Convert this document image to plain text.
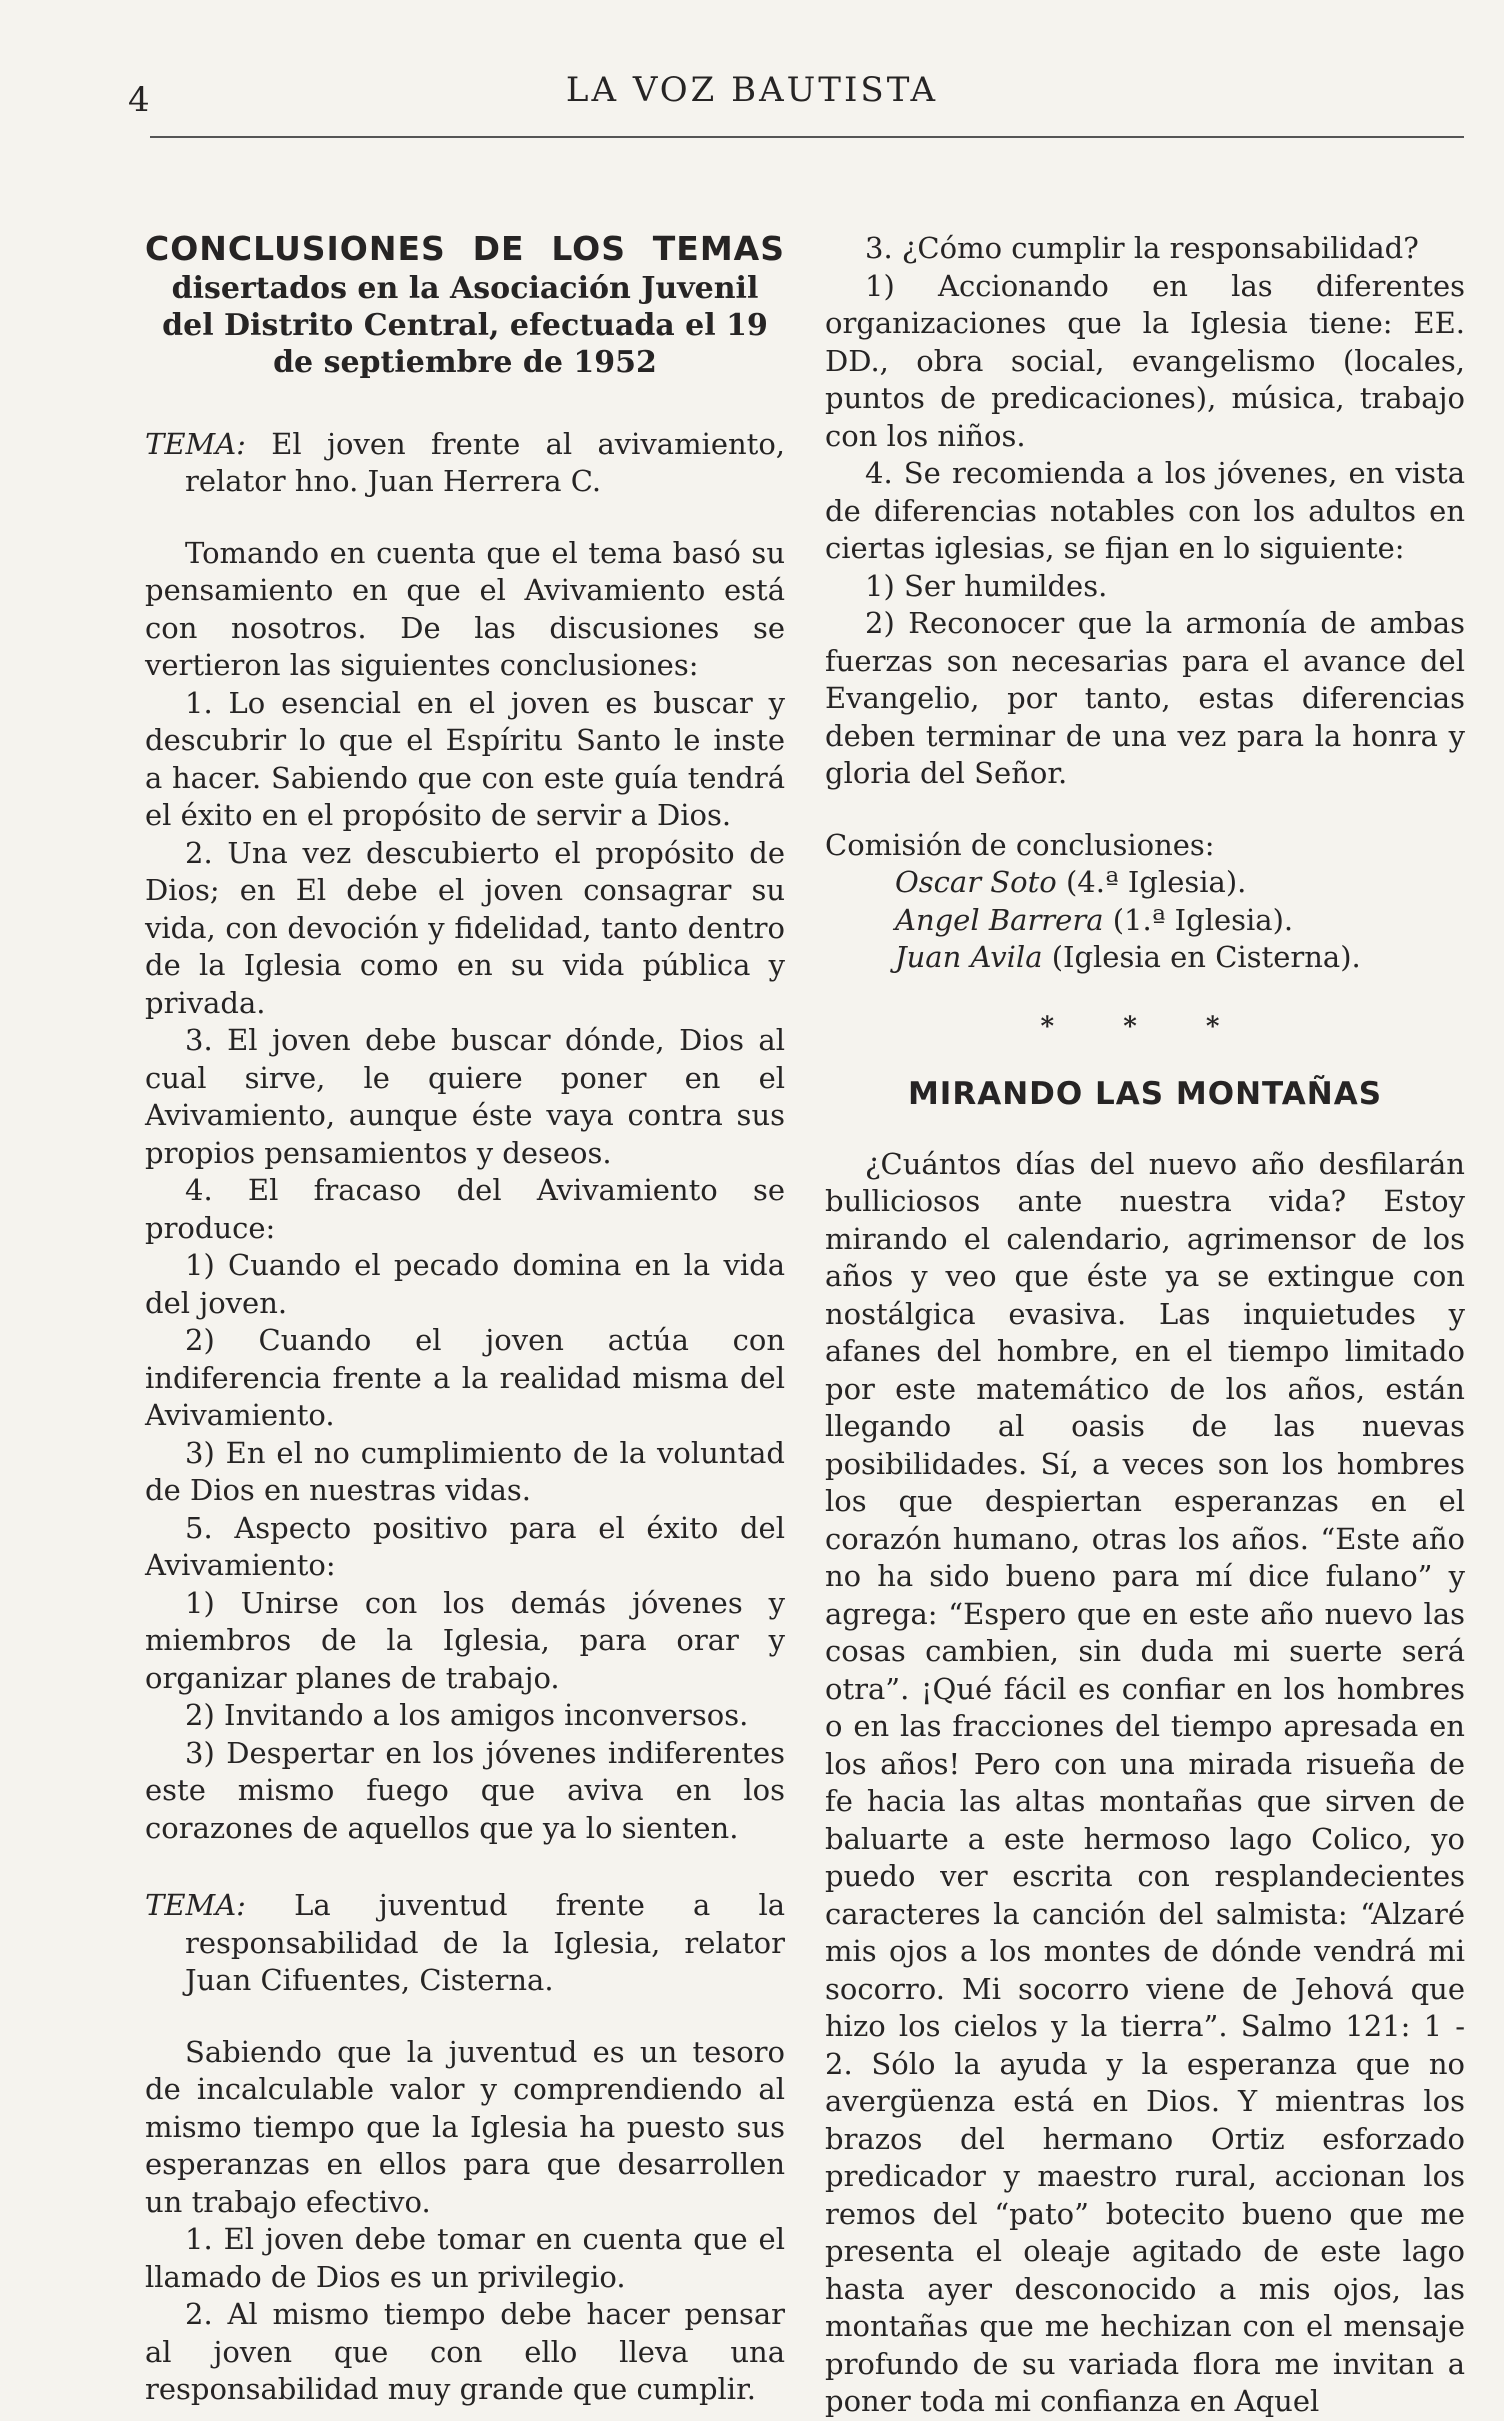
4	LA VOZ BAUTISTA
CONCLUSIONES DE LOS TEMAS
disertados en la Asociación Juvenil del Distrito Central, efectuada el 19 de septiembre de 1952

TEMA: El joven frente al avivamiento, relator hno. Juan Herrera C.

Tomando en cuenta que el tema basó su pensamiento en que el Avivamiento está con nosotros. De las discusiones se vertieron las siguientes conclusiones:

1. Lo esencial en el joven es buscar y descubrir lo que el Espíritu Santo le inste a hacer. Sabiendo que con este guía tendrá el éxito en el propósito de servir a Dios.

2. Una vez descubierto el propósito de Dios; en El debe el joven consagrar su vida, con devoción y fidelidad, tanto dentro de la Iglesia como en su vida pública y privada.

3. El joven debe buscar dónde, Dios al cual sirve, le quiere poner en el Avivamiento, aunque éste vaya contra sus propios pensamientos y deseos.

4. El fracaso del Avivamiento se produce:

1) Cuando el pecado domina en la vida del joven.

2) Cuando el joven actúa con indiferencia frente a la realidad misma del Avivamiento.

3) En el no cumplimiento de la voluntad de Dios en nuestras vidas.

5. Aspecto positivo para el éxito del Avivamiento:

1) Unirse con los demás jóvenes y miembros de la Iglesia, para orar y organizar planes de trabajo.

2) Invitando a los amigos inconversos.

3) Despertar en los jóvenes indiferentes este mismo fuego que aviva en los corazones de aquellos que ya lo sienten.

TEMA: La juventud frente a la responsabilidad de la Iglesia, relator Juan Cifuentes, Cisterna.

Sabiendo que la juventud es un tesoro de incalculable valor y comprendiendo al mismo tiempo que la Iglesia ha puesto sus esperanzas en ellos para que desarrollen un trabajo efectivo.

1. El joven debe tomar en cuenta que el llamado de Dios es un privilegio.

2. Al mismo tiempo debe hacer pensar al joven que con ello lleva una responsabilidad muy grande que cumplir.

3. ¿Cómo cumplir la responsabilidad?

1) Accionando en las diferentes organizaciones que la Iglesia tiene: EE. DD., obra social, evangelismo (locales, puntos de predicaciones), música, trabajo con los niños.

4. Se recomienda a los jóvenes, en vista de diferencias notables con los adultos en ciertas iglesias, se fijan en lo siguiente:

1) Ser humildes.

2) Reconocer que la armonía de ambas fuerzas son necesarias para el avance del Evangelio, por tanto, estas diferencias deben terminar de una vez para la honra y gloria del Señor.

Comisión de conclusiones:

Oscar Soto (4.ª Iglesia).

Angel Barrera (1.ª Iglesia).

Juan Avila (Iglesia en Cisterna).

* * *
MIRANDO LAS MONTAÑAS

¿Cuántos días del nuevo año desfilarán bulliciosos ante nuestra vida? Estoy mirando el calendario, agrimensor de los años y veo que éste ya se extingue con nostálgica evasiva. Las inquietudes y afanes del hombre, en el tiempo limitado por este matemático de los años, están llegando al oasis de las nuevas posibilidades. Sí, a veces son los hombres los que despiertan esperanzas en el corazón humano, otras los años. “Este año no ha sido bueno para mí dice fulano” y agrega: “Espero que en este año nuevo las cosas cambien, sin duda mi suerte será otra”. ¡Qué fácil es confiar en los hombres o en las fracciones del tiempo apresada en los años! Pero con una mirada risueña de fe hacia las altas montañas que sirven de baluarte a este hermoso lago Colico, yo puedo ver escrita con resplandecientes caracteres la canción del salmista: “Alzaré mis ojos a los montes de dónde vendrá mi socorro. Mi socorro viene de Jehová que hizo los cielos y la tierra”. Salmo 121: 1 - 2. Sólo la ayuda y la esperanza que no avergüenza está en Dios. Y mientras los brazos del hermano Ortiz esforzado predicador y maestro rural, accionan los remos del “pato” botecito bueno que me presenta el oleaje agitado de este lago hasta ayer desconocido a mis ojos, las montañas que me hechizan con el mensaje profundo de su variada flora me invitan a poner toda mi confianza en Aquel
